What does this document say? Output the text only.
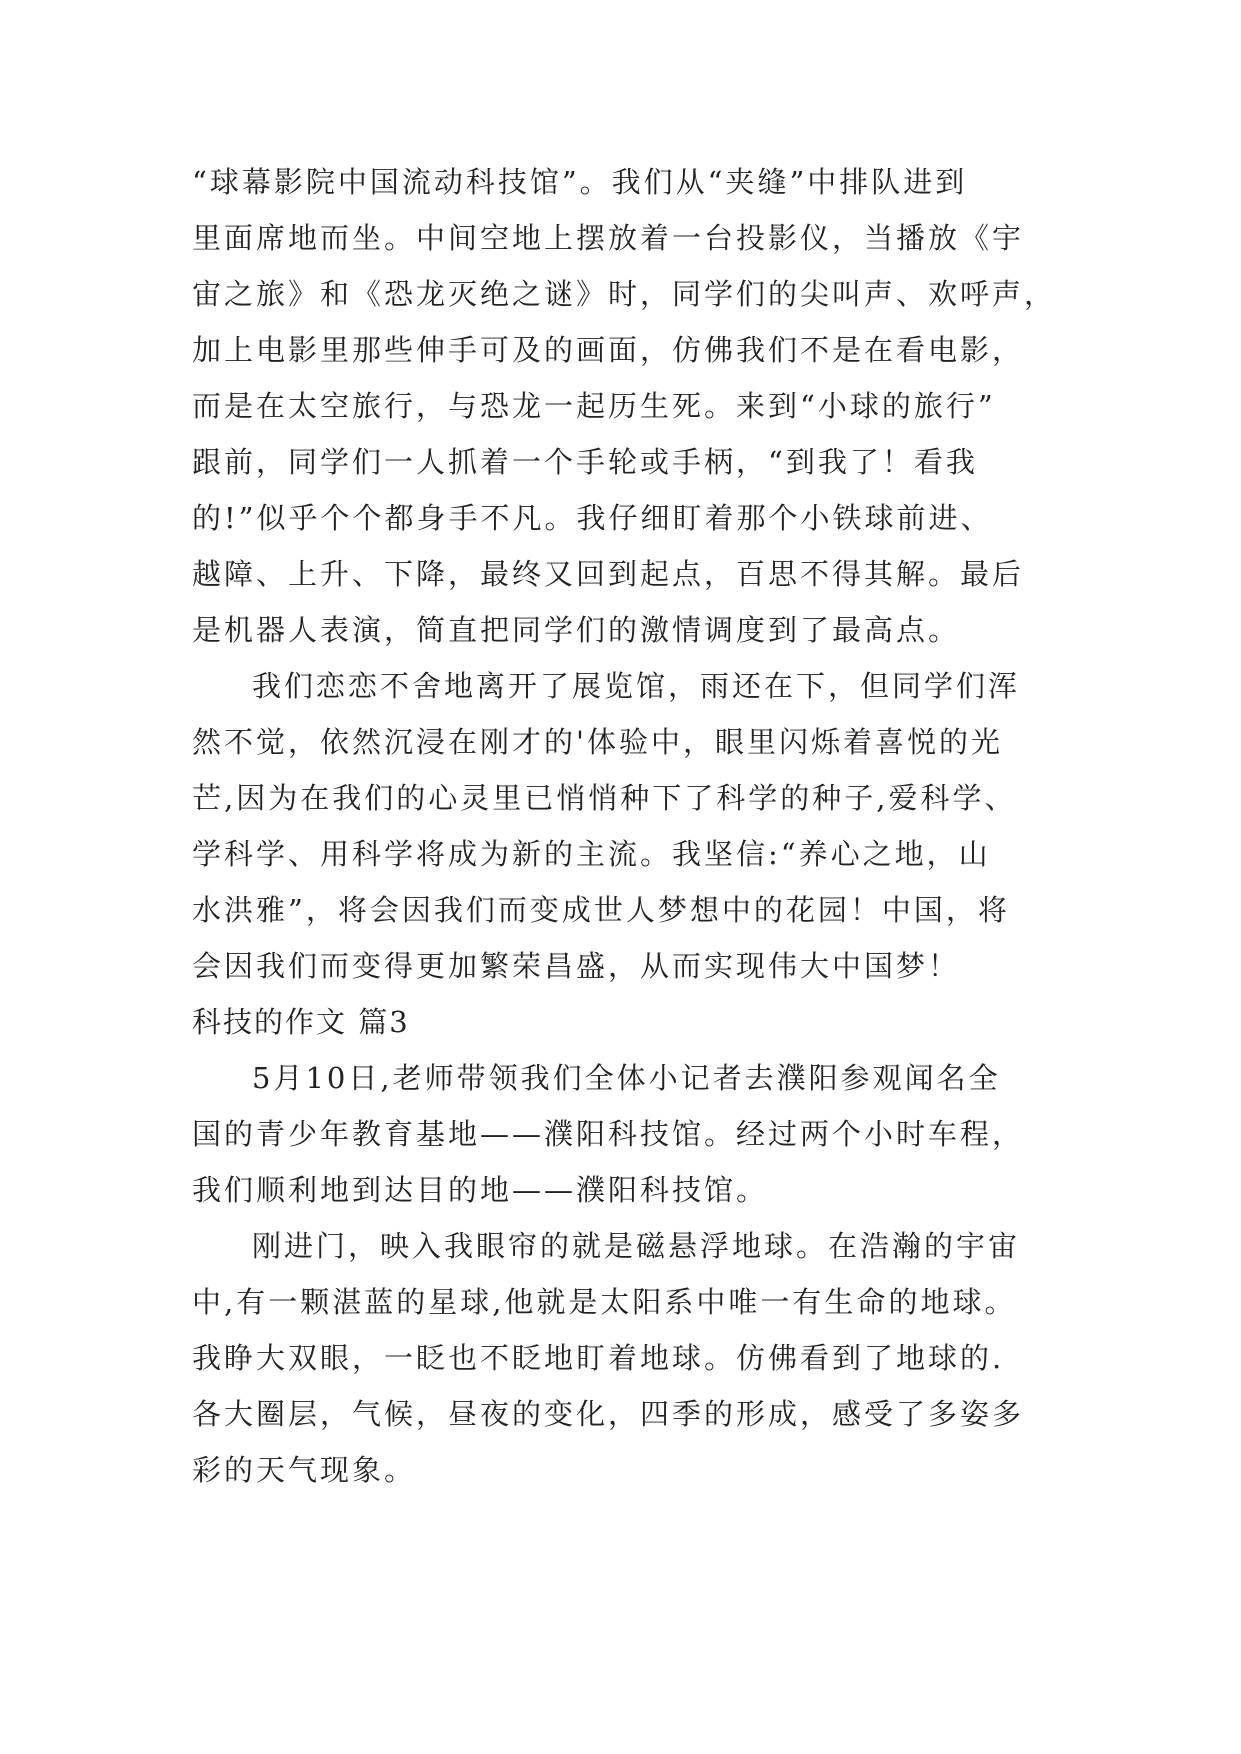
“球幕影院中国流动科技馆”。我们从“夹缝”中排队进到
里面席地而坐。中间空地上摆放着一台投影仪，当播放《宇
宙之旅》和《恐龙灭绝之谜》时，同学们的尖叫声、欢呼声，
加上电影里那些伸手可及的画面，仿佛我们不是在看电影，
而是在太空旅行，与恐龙一起历生死。来到“小球的旅行”
跟前，同学们一人抓着一个手轮或手柄，“到我了！看我
的!”似乎个个都身手不凡。我仔细盯着那个小铁球前进、
越障、上升、下降，最终又回到起点，百思不得其解。最后
是机器人表演，简直把同学们的激情调度到了最高点。
我们恋恋不舍地离开了展览馆，雨还在下，但同学们浑
然不觉，依然沉浸在刚才的'体验中，眼里闪烁着喜悦的光
芒,因为在我们的心灵里已悄悄种下了科学的种子,爱科学、
学科学、用科学将成为新的主流。我坚信:“养心之地，山
水洪雅”，将会因我们而变成世人梦想中的花园！中国，将
会因我们而变得更加繁荣昌盛，从而实现伟大中国梦！
科技的作文 篇3
5月10日,老师带领我们全体小记者去濮阳参观闻名全
国的青少年教育基地——濮阳科技馆。经过两个小时车程，
我们顺利地到达目的地——濮阳科技馆。
刚进门，映入我眼帘的就是磁悬浮地球。在浩瀚的宇宙
中,有一颗湛蓝的星球,他就是太阳系中唯一有生命的地球。
我睁大双眼，一眨也不眨地盯着地球。仿佛看到了地球的.
各大圈层，气候，昼夜的变化，四季的形成，感受了多姿多
彩的天气现象。
